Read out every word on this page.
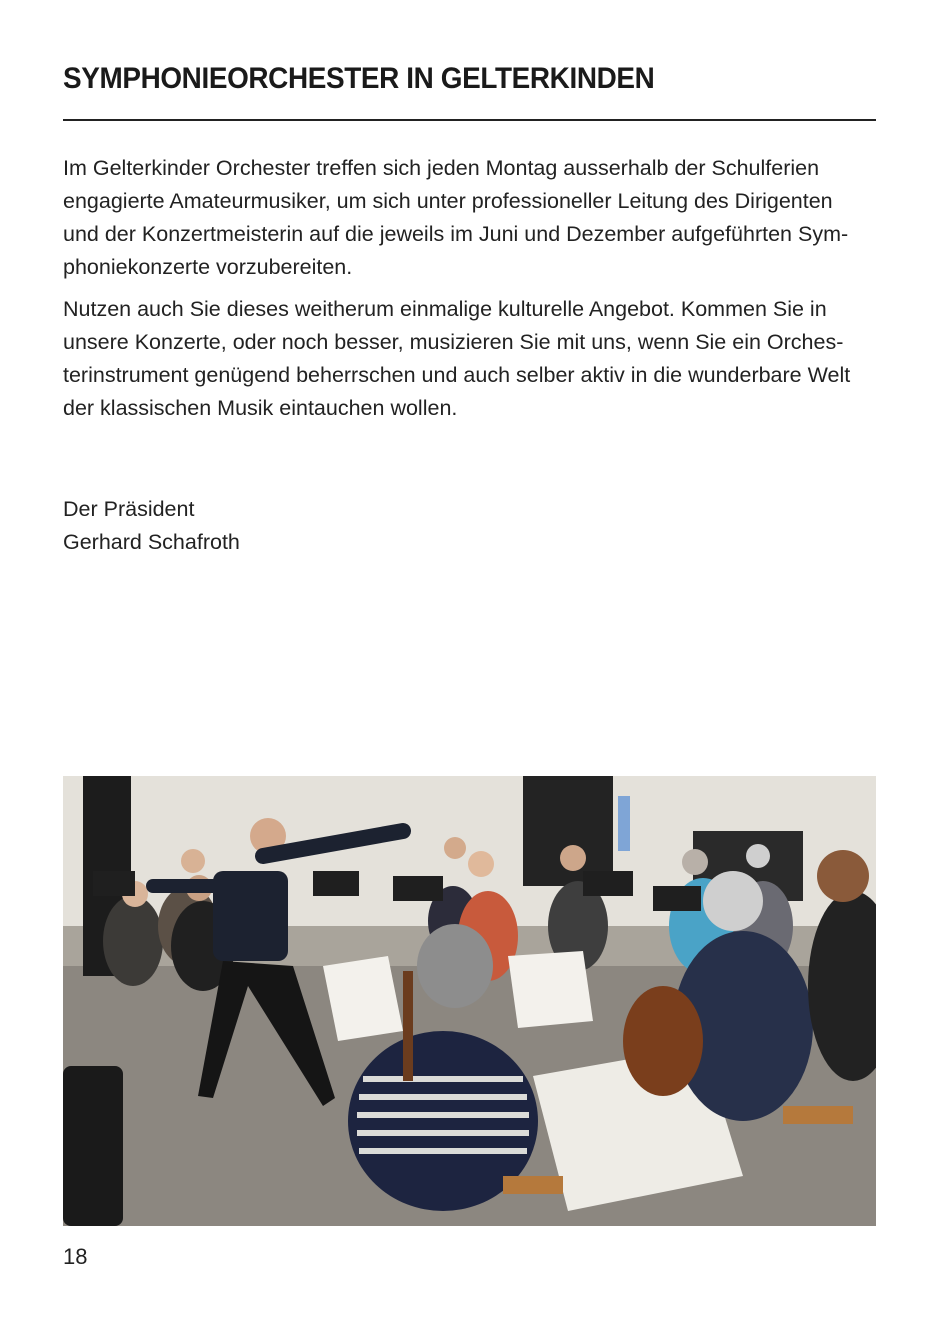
SYMPHONIEORCHESTER IN GELTERKINDEN
Im Gelterkinder Orchester treffen sich jeden Montag ausserhalb der Schulferien
engagierte Amateurmusiker, um sich unter professioneller Leitung des Dirigenten
und der Konzertmeisterin auf die jeweils im Juni und Dezember aufgeführten Sym-
phoniekonzerte vorzubereiten.
Nutzen auch Sie dieses weitherum einmalige kulturelle Angebot. Kommen Sie in
unsere Konzerte, oder noch besser, musizieren Sie mit uns, wenn Sie ein Orches-
terinstrument genügend beherrschen und auch selber aktiv in die wunderbare Welt
der klassischen Musik eintauchen wollen.
Der Präsident
Gerhard Schafroth
18
